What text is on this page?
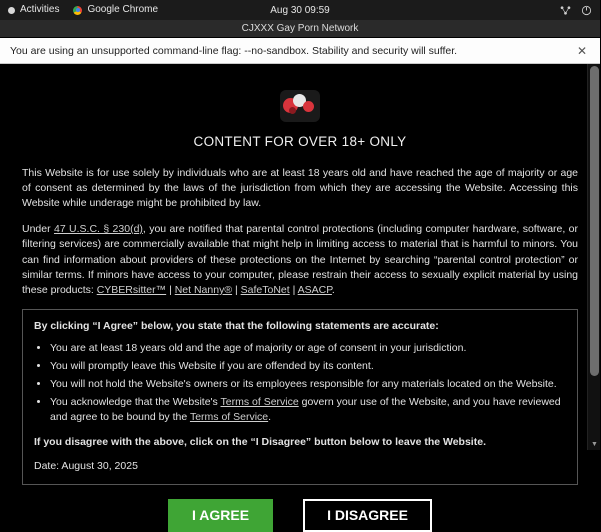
Activities	Google Chrome	Aug 30 09:59
CJXXX Gay Porn Network
You are using an unsupported command-line flag: --no-sandbox. Stability and security will suffer.	✕
CONTENT FOR OVER 18+ ONLY

This Website is for use solely by individuals who are at least 18 years old and have reached the age of majority or age of consent as determined by the laws of the jurisdiction from which they are accessing the Website. Accessing this Website while underage might be prohibited by law.

Under 47 U.S.C. § 230(d), you are notified that parental control protections (including computer hardware, software, or filtering services) are commercially available that might help in limiting access to material that is harmful to minors. You can find information about providers of these protections on the Internet by searching “parental control protection” or similar terms. If minors have access to your computer, please restrain their access to sexually explicit material by using these products: CYBERsitter™ | Net Nanny® | SafeToNet | ASACP.

By clicking “I Agree” below, you state that the following statements are accurate:
• You are at least 18 years old and the age of majority or age of consent in your jurisdiction.
• You will promptly leave this Website if you are offended by its content.
• You will not hold the Website's owners or its employees responsible for any materials located on the Website.
• You acknowledge that the Website's Terms of Service govern your use of the Website, and you have reviewed and agree to be bound by the Terms of Service.
If you disagree with the above, click on the “I Disagree” button below to leave the Website.
Date: August 30, 2025
I AGREE	I DISAGREE
▼
